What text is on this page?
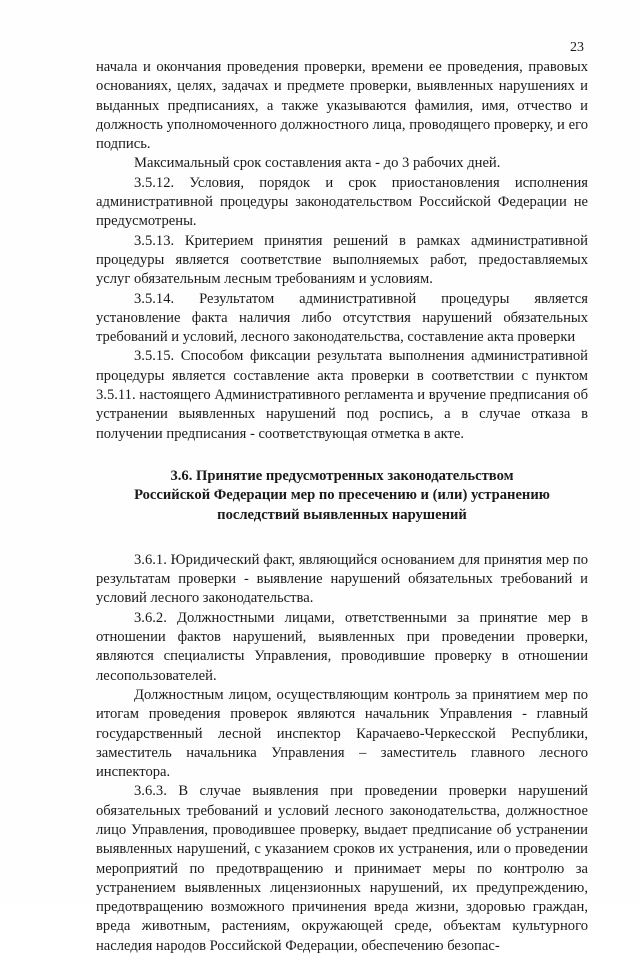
23

начала и окончания проведения проверки, времени ее проведения, правовых основаниях, целях, задачах и предмете проверки, выявленных нарушениях и выданных предписаниях, а также указываются фамилия, имя, отчество и должность уполномоченного должностного лица, проводящего проверку, и его подпись.

Максимальный срок составления акта - до 3 рабочих дней.

3.5.12. Условия, порядок и срок приостановления исполнения административной процедуры законодательством Российской Федерации не предусмотрены.

3.5.13. Критерием принятия решений в рамках административной процедуры является соответствие выполняемых работ, предоставляемых услуг обязательным лесным требованиям и условиям.

3.5.14. Результатом административной процедуры является установление факта наличия либо отсутствия нарушений обязательных требований и условий, лесного законодательства, составление акта проверки

3.5.15. Способом фиксации результата выполнения административной процедуры является составление акта проверки в соответствии с пунктом 3.5.11. настоящего Административного регламента и вручение предписания об устранении выявленных нарушений под роспись, а в случае отказа в получении предписания - соответствующая отметка в акте.

3.6. Принятие предусмотренных законодательством Российской Федерации мер по пресечению и (или) устранению последствий выявленных нарушений

3.6.1. Юридический факт, являющийся основанием для принятия мер по результатам проверки - выявление нарушений обязательных требований и условий лесного законодательства.

3.6.2. Должностными лицами, ответственными за принятие мер в отношении фактов нарушений, выявленных при проведении проверки, являются специалисты Управления, проводившие проверку в отношении лесопользователей.

Должностным лицом, осуществляющим контроль за принятием мер по итогам проведения проверок являются начальник Управления - главный государственный лесной инспектор Карачаево-Черкесской Республики, заместитель начальника Управления – заместитель главного лесного инспектора.

3.6.3. В случае выявления при проведении проверки нарушений обязательных требований и условий лесного законодательства, должностное лицо Управления, проводившее проверку, выдает предписание об устранении выявленных нарушений, с указанием сроков их устранения, или о проведении мероприятий по предотвращению и принимает меры по контролю за устранением выявленных лицензионных нарушений, их предупреждению, предотвращению возможного причинения вреда жизни, здоровью граждан, вреда животным, растениям, окружающей среде, объектам культурного наследия народов Российской Федерации, обеспечению безопас-
